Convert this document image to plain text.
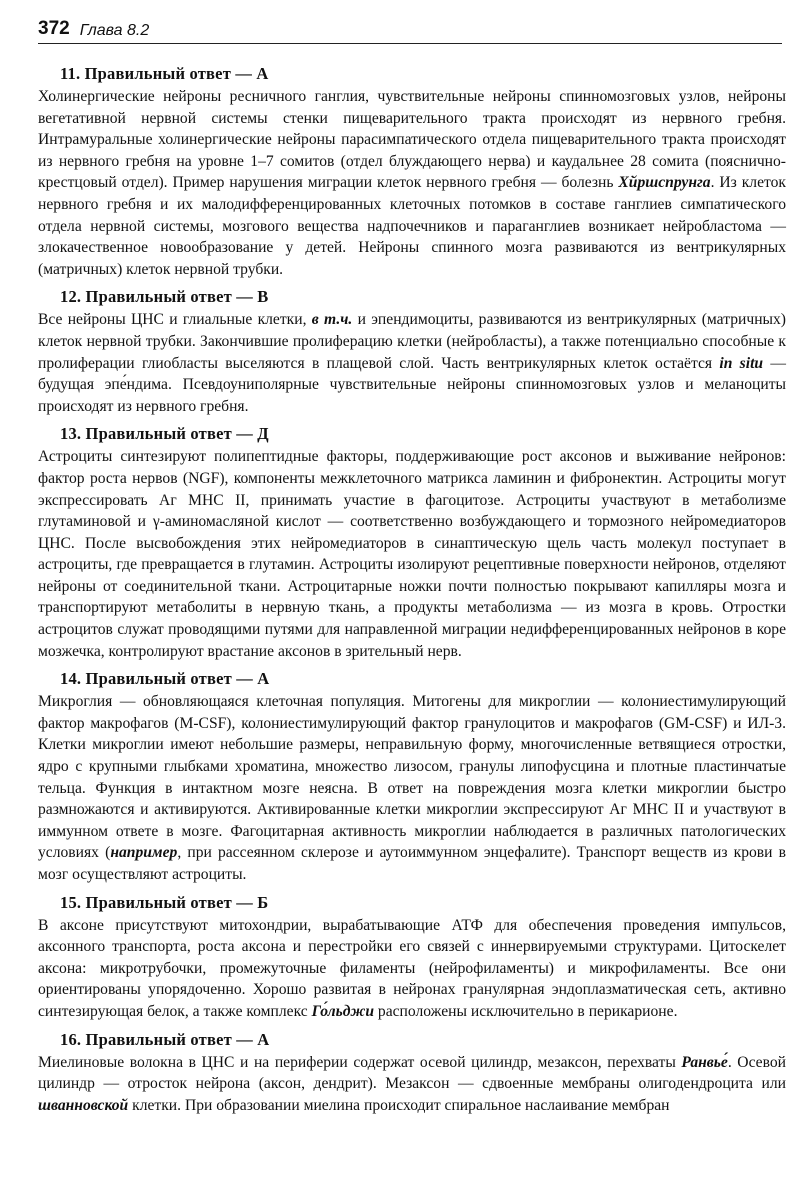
372 Глава 8.2
11. Правильный ответ — А

Холинергические нейроны ресничного ганглия, чувствительные нейроны спинномозговых узлов, нейроны вегетативной нервной системы стенки пищеварительного тракта происходят из нервного гребня. Интрамуральные холинергические нейроны парасимпатического отдела пищеварительного тракта происходят из нервного гребня на уровне 1–7 сомитов (отдел блуждающего нерва) и каудальнее 28 сомита (пояснично-крестцовый отдел). Пример нарушения миграции клеток нервного гребня — болезнь Хйршспрунга. Из клеток нервного гребня и их малодифференцированных клеточных потомков в составе ганглиев симпатического отдела нервной системы, мозгового вещества надпочечников и параганглиев возникает нейробластома — злокачественное новообразование у детей. Нейроны спинного мозга развиваются из вентрикулярных (матричных) клеток нервной трубки.

12. Правильный ответ — В

Все нейроны ЦНС и глиальные клетки, в т.ч. и эпендимоциты, развиваются из вентрикулярных (матричных) клеток нервной трубки. Закончившие пролиферацию клетки (нейробласты), а также потенциально способные к пролиферации глиобласты выселяются в плащевой слой. Часть вентрикулярных клеток остаётся in situ — будущая эпе́ндима. Псевдоуниполярные чувствительные нейроны спинномозговых узлов и меланоциты происходят из нервного гребня.

13. Правильный ответ — Д

Астроциты синтезируют полипептидные факторы, поддерживающие рост аксонов и выживание нейронов: фактор роста нервов (NGF), компоненты межклеточного матрикса ламинин и фибронектин. Астроциты могут экспрессировать Аг MHC II, принимать участие в фагоцитозе. Астроциты участвуют в метаболизме глутаминовой и γ-аминомасляной кислот — соответственно возбуждающего и тормозного нейромедиаторов ЦНС. После высвобождения этих нейромедиаторов в синаптическую щель часть молекул поступает в астроциты, где превращается в глутамин. Астроциты изолируют рецептивные поверхности нейронов, отделяют нейроны от соединительной ткани. Астроцитарные ножки почти полностью покрывают капилляры мозга и транспортируют метаболиты в нервную ткань, а продукты метаболизма — из мозга в кровь. Отростки астроцитов служат проводящими путями для направленной миграции недифференцированных нейронов в коре мозжечка, контролируют врастание аксонов в зрительный нерв.

14. Правильный ответ — А

Микроглия — обновляющаяся клеточная популяция. Митогены для микроглии — колониестимулирующий фактор макрофагов (M-CSF), колониестимулирующий фактор гранулоцитов и макрофагов (GM-CSF) и ИЛ-3. Клетки микроглии имеют небольшие размеры, неправильную форму, многочисленные ветвящиеся отростки, ядро с крупными глыбками хроматина, множество лизосом, гранулы липофусцина и плотные пластинчатые тельца. Функция в интактном мозге неясна. В ответ на повреждения мозга клетки микроглии быстро размножаются и активируются. Активированные клетки микроглии экспрессируют Аг MHC II и участвуют в иммунном ответе в мозге. Фагоцитарная активность микроглии наблюдается в различных патологических условиях (например, при рассеянном склерозе и аутоиммунном энцефалите). Транспорт веществ из крови в мозг осуществляют астроциты.

15. Правильный ответ — Б

В аксоне присутствуют митохондрии, вырабатывающие АТФ для обеспечения проведения импульсов, аксонного транспорта, роста аксона и перестройки его связей с иннервируемыми структурами. Цитоскелет аксона: микротрубочки, промежуточные филаменты (нейрофиламенты) и микрофиламенты. Все они ориентированы упорядоченно. Хорошо развитая в нейронах гранулярная эндоплазматическая сеть, активно синтезирующая белок, а также комплекс Го́льджи расположены исключительно в перикарионе.

16. Правильный ответ — А

Миелиновые волокна в ЦНС и на периферии содержат осевой цилиндр, мезаксон, перехваты Ранвье́. Осевой цилиндр — отросток нейрона (аксон, дендрит). Мезаксон — сдвоенные мембраны олигодендроцита или шванновской клетки. При образовании миелина происходит спиральное наслаивание мембран
